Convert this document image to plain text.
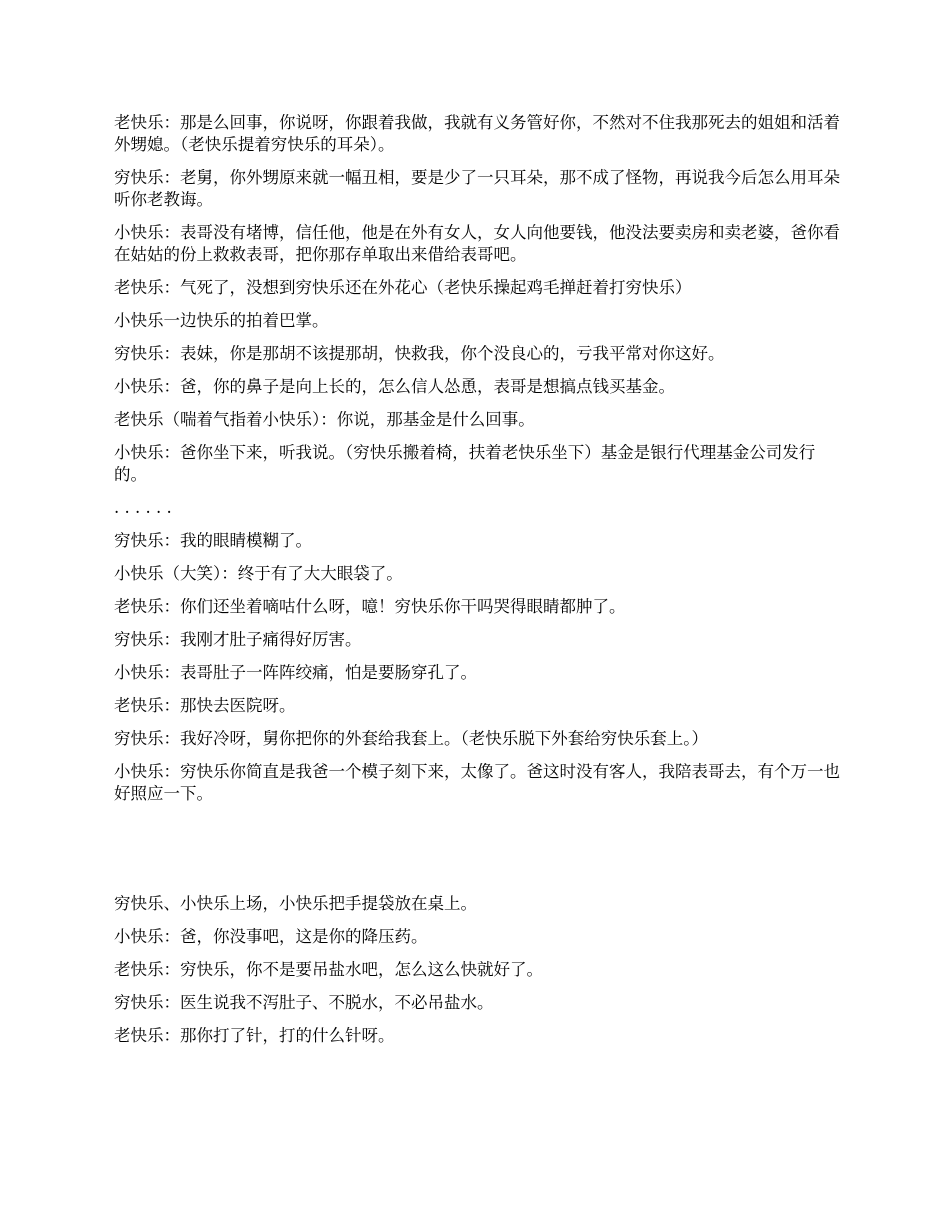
老快乐：那是么回事，你说呀，你跟着我做，我就有义务管好你，不然对不住我那死去的姐姐和活着外甥媳。（老快乐提着穷快乐的耳朵）。

穷快乐：老舅，你外甥原来就一幅丑相，要是少了一只耳朵，那不成了怪物，再说我今后怎么用耳朵听你老教诲。

小快乐：表哥没有堵博，信任他，他是在外有女人，女人向他要钱，他没法要卖房和卖老婆，爸你看在姑姑的份上救救表哥，把你那存单取出来借给表哥吧。

老快乐：气死了，没想到穷快乐还在外花心（老快乐操起鸡毛掸赶着打穷快乐）

小快乐一边快乐的拍着巴掌。

穷快乐：表妹，你是那胡不该提那胡，快救我，你个没良心的，亏我平常对你这好。

小快乐：爸，你的鼻子是向上长的，怎么信人怂恿，表哥是想搞点钱买基金。

老快乐（喘着气指着小快乐）：你说，那基金是什么回事。

小快乐：爸你坐下来，听我说。（穷快乐搬着椅，扶着老快乐坐下）基金是银行代理基金公司发行的。

. . . . . .

穷快乐：我的眼睛模糊了。

小快乐（大笑）：终于有了大大眼袋了。

老快乐：你们还坐着嘀咕什么呀，噫！穷快乐你干吗哭得眼睛都肿了。

穷快乐：我刚才肚子痛得好厉害。

小快乐：表哥肚子一阵阵绞痛，怕是要肠穿孔了。

老快乐：那快去医院呀。

穷快乐：我好冷呀，舅你把你的外套给我套上。（老快乐脱下外套给穷快乐套上。）

小快乐：穷快乐你简直是我爸一个模子刻下来，太像了。爸这时没有客人，我陪表哥去，有个万一也好照应一下。

穷快乐、小快乐上场，小快乐把手提袋放在桌上。

小快乐：爸，你没事吧，这是你的降压药。

老快乐：穷快乐，你不是要吊盐水吧，怎么这么快就好了。

穷快乐：医生说我不泻肚子、不脱水，不必吊盐水。

老快乐：那你打了针，打的什么针呀。
